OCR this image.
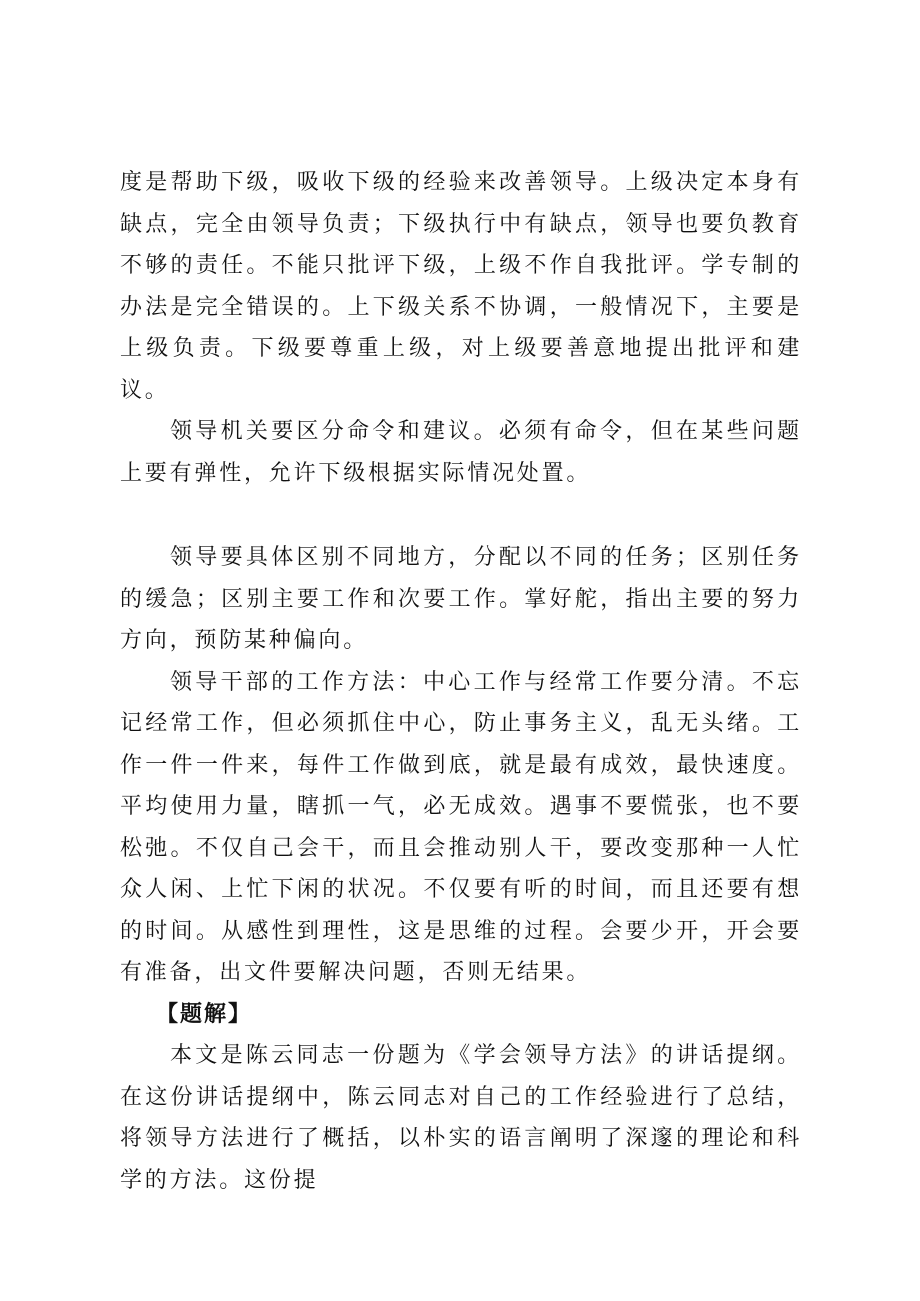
度是帮助下级，吸收下级的经验来改善领导。上级决定本身有缺点，完全由领导负责；下级执行中有缺点，领导也要负教育不够的责任。不能只批评下级，上级不作自我批评。学专制的办法是完全错误的。上下级关系不协调，一般情况下，主要是上级负责。下级要尊重上级，对上级要善意地提出批评和建议。

领导机关要区分命令和建议。必须有命令，但在某些问题上要有弹性，允许下级根据实际情况处置。

领导要具体区别不同地方，分配以不同的任务；区别任务的缓急；区别主要工作和次要工作。掌好舵，指出主要的努力方向，预防某种偏向。

领导干部的工作方法：中心工作与经常工作要分清。不忘记经常工作，但必须抓住中心，防止事务主义，乱无头绪。工作一件一件来，每件工作做到底，就是最有成效，最快速度。平均使用力量，瞎抓一气，必无成效。遇事不要慌张，也不要松弛。不仅自己会干，而且会推动别人干，要改变那种一人忙众人闲、上忙下闲的状况。不仅要有听的时间，而且还要有想的时间。从感性到理性，这是思维的过程。会要少开，开会要有准备，出文件要解决问题，否则无结果。

【题解】

本文是陈云同志一份题为《学会领导方法》的讲话提纲。在这份讲话提纲中，陈云同志对自己的工作经验进行了总结，将领导方法进行了概括，以朴实的语言阐明了深邃的理论和科学的方法。这份提
